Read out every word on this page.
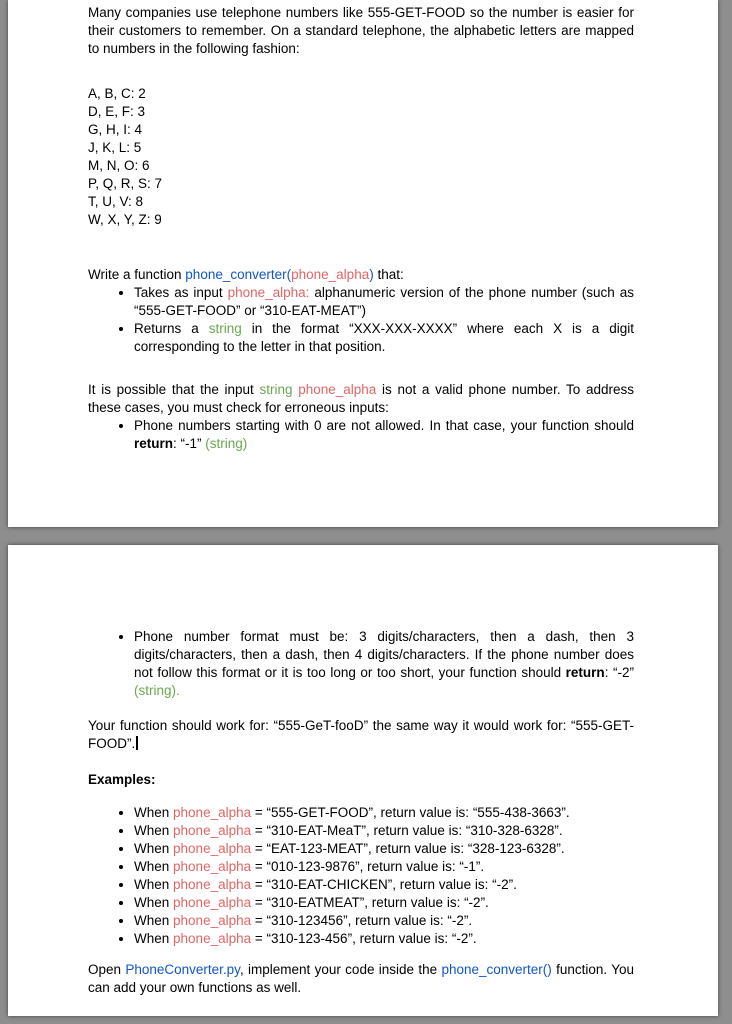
Many companies use telephone numbers like 555-GET-FOOD so the number is easier for their customers to remember. On a standard telephone, the alphabetic letters are mapped to numbers in the following fashion:

A, B, C: 2
D, E, F: 3
G, H, I: 4
J, K, L: 5
M, N, O: 6
P, Q, R, S: 7
T, U, V: 8
W, X, Y, Z: 9

Write a function phone_converter(phone_alpha) that:

• Takes as input phone_alpha: alphanumeric version of the phone number (such as “555-GET-FOOD” or “310-EAT-MEAT”)
• Returns a string in the format “XXX-XXX-XXXX” where each X is a digit corresponding to the letter in that position.

It is possible that the input string phone_alpha is not a valid phone number. To address these cases, you must check for erroneous inputs:

• Phone numbers starting with 0 are not allowed. In that case, your function should return: “-1” (string)
• Phone number format must be: 3 digits/characters, then a dash, then 3 digits/characters, then a dash, then 4 digits/characters. If the phone number does not follow this format or it is too long or too short, your function should return: “-2” (string).

Your function should work for: “555-GeT-fooD” the same way it would work for: “555-GET-FOOD”.

Examples:

• When phone_alpha = “555-GET-FOOD”, return value is: “555-438-3663”.
• When phone_alpha = “310-EAT-MeaT”, return value is: “310-328-6328”.
• When phone_alpha = “EAT-123-MEAT”, return value is: “328-123-6328”.
• When phone_alpha = “010-123-9876”, return value is: “-1”.
• When phone_alpha = “310-EAT-CHICKEN”, return value is: “-2”.
• When phone_alpha = “310-EATMEAT”, return value is: “-2”.
• When phone_alpha = “310-123456”, return value is: “-2”.
• When phone_alpha = “310-123-456”, return value is: “-2”.

Open PhoneConverter.py, implement your code inside the phone_converter() function. You can add your own functions as well.
